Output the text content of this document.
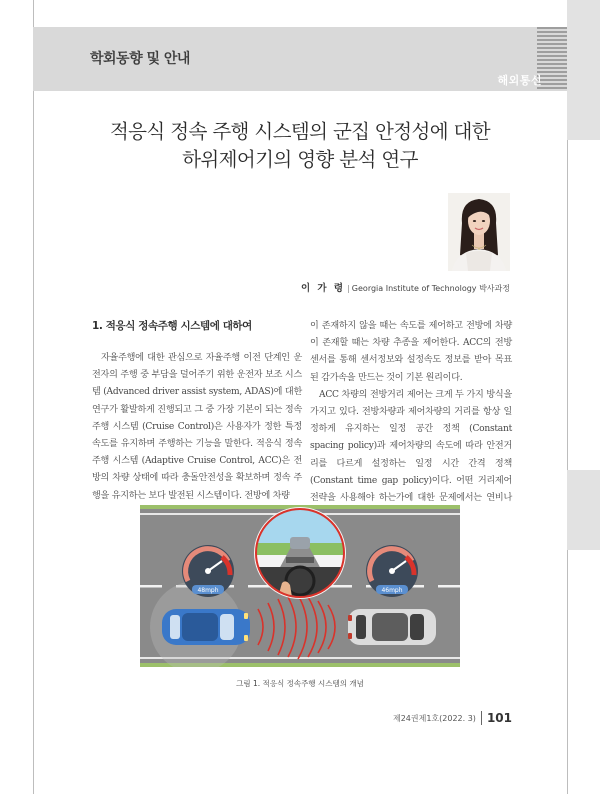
학회동향 및 안내
해외통신
적응식 정속 주행 시스템의 군집 안정성에 대한
하위제어기의 영향 분석 연구
이 가 령 | Georgia Institute of Technology 박사과정
1. 적응식 정속주행 시스템에 대하여

자율주행에 대한 관심으로 자율주행 이전 단계인 운전자의 주행 중 부담을 덜어주기 위한 운전자 보조 시스템 (Advanced driver assist system, ADAS)에 대한 연구가 활발하게 진행되고 그 중 가장 기본이 되는 정속주행 시스템 (Cruise Control)은 사용자가 정한 특정 속도를 유지하며 주행하는 기능을 말한다. 적응식 정속주행 시스템 (Adaptive Cruise Control, ACC)은 전방의 차량 상태에 따라 충돌안전성을 확보하며 정속 주행을 유지하는 보다 발전된 시스템이다. 전방에 차량

이 존재하지 않을 때는 속도를 제어하고 전방에 차량이 존재할 때는 차량 추종을 제어한다. ACC의 전방센서를 통해 센서정보와 설정속도 정보를 받아 목표된 감가속을 만드는 것이 기본 원리이다.

ACC 차량의 전방거리 제어는 크게 두 가지 방식을 가지고 있다. 전방차량과 제어차량의 거리를 항상 일정하게 유지하는 일정 공간 정책 (Constant spacing policy)과 제어차량의 속도에 따라 안전거리를 다르게 설정하는 일정 시간 간격 정책 (Constant time gap policy)이다. 어떤 거리제어 전략을 사용해야 하는가에 대한 문제에서는 연비나

48mph	46mph
그림 1. 적응식 정속주행 시스템의 개념
제24권제1호(2022. 3) 101
